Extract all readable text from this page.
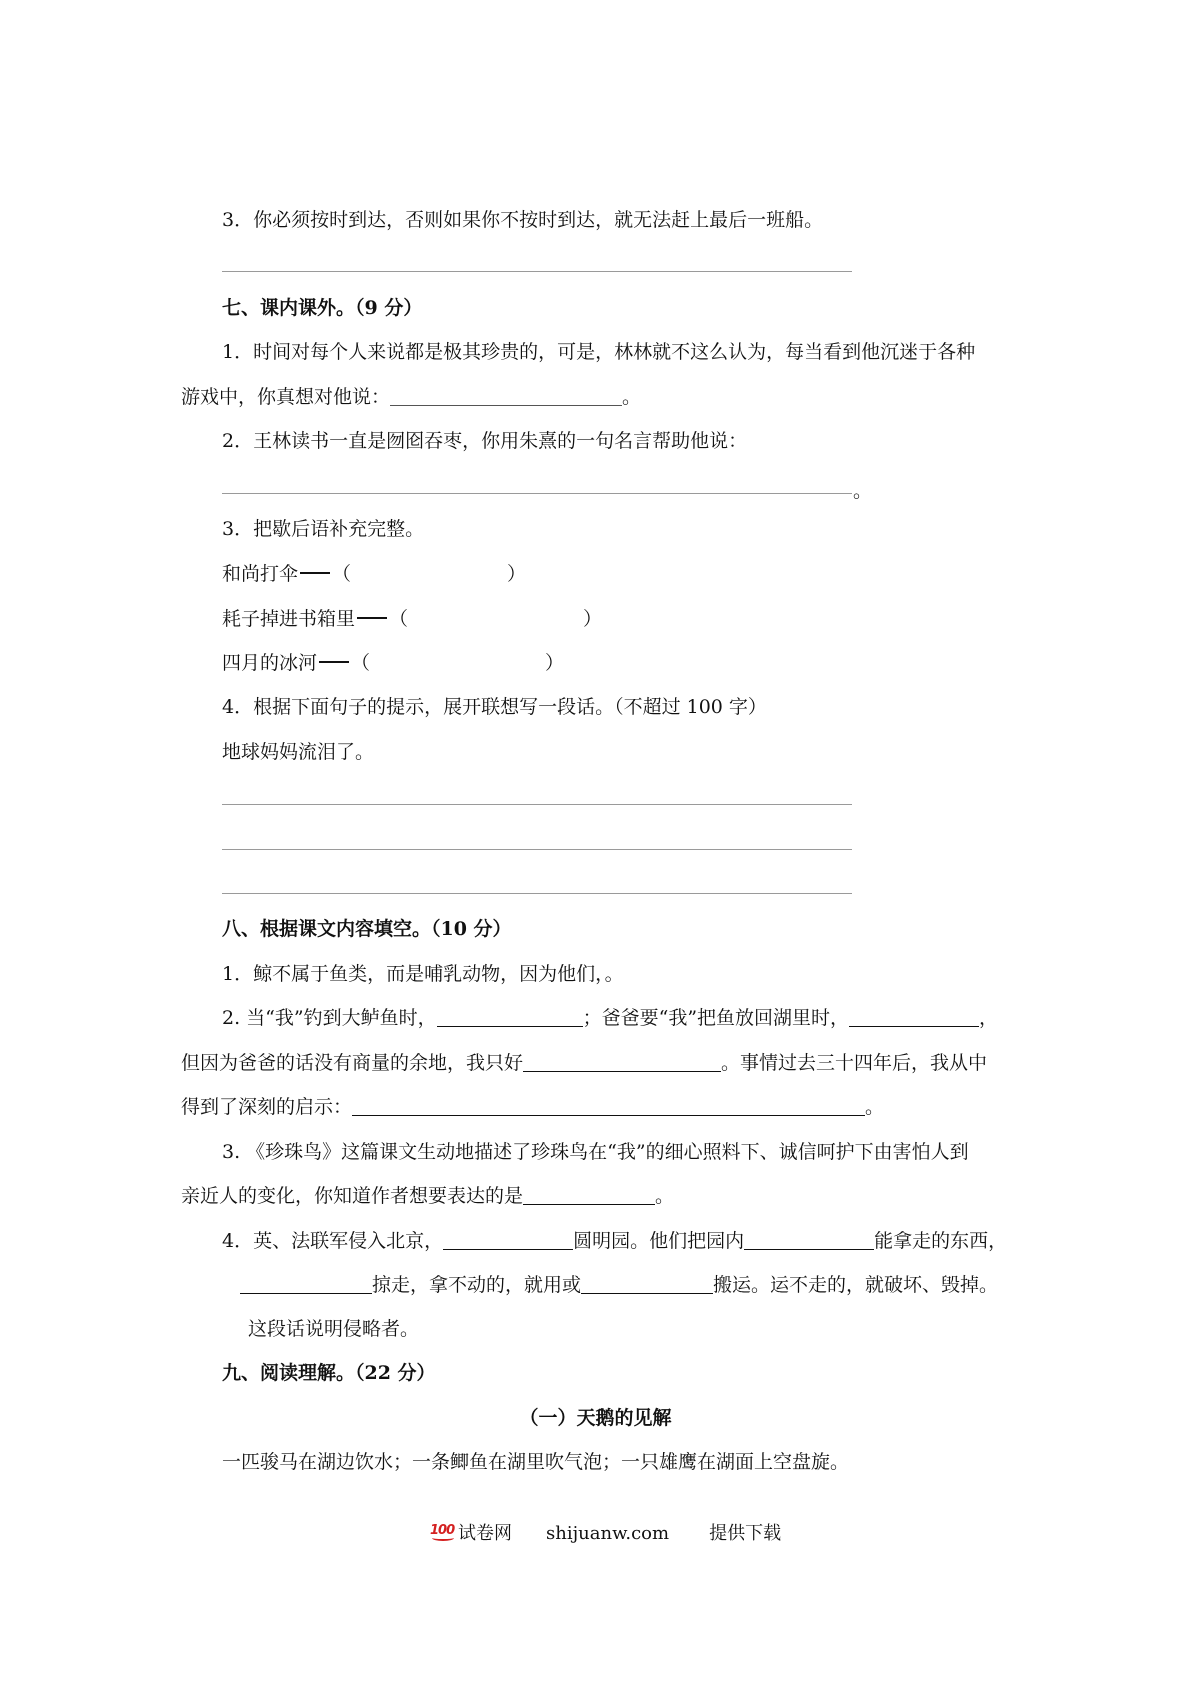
3．你必须按时到达，否则如果你不按时到达，就无法赶上最后一班船。
七、课内课外。（9 分）
1．时间对每个人来说都是极其珍贵的，可是，林林就不这么认为，每当看到他沉迷于各种
游戏中，你真想对他说：	。
2．王林读书一直是囫囵吞枣，你用朱熹的一句名言帮助他说：
。
3．把歇后语补充完整。
和尚打伞 （	）
耗子掉进书箱里 （	）
四月的冰河 （	）
4．根据下面句子的提示，展开联想写一段话。（不超过 100 字）
地球妈妈流泪了。
八、根据课文内容填空。（10 分）
1．鲸不属于鱼类，而是哺乳动物，因为他们，。
2. 当“我”钓到大鲈鱼时，	；爸爸要“我”把鱼放回湖里时，	，
但因为爸爸的话没有商量的余地，我只好	。事情过去三十四年后，我从中
得到了深刻的启示：	。
3. 《珍珠鸟》这篇课文生动地描述了珍珠鸟在“我”的细心照料下、诚信呵护下由害怕人到
亲近人的变化，你知道作者想要表达的是	。
4．英、法联军侵入北京，	圆明园。他们把园内	能拿走的东西，
掠走，拿不动的，就用或	搬运。运不走的，就破坏、毁掉。
这段话说明侵略者。
九、阅读理解。（22 分）
（一）天鹅的见解
一匹骏马在湖边饮水；一条鲫鱼在湖里吹气泡；一只雄鹰在湖面上空盘旋。
100 试卷网 shijuanw.com 提供下载
